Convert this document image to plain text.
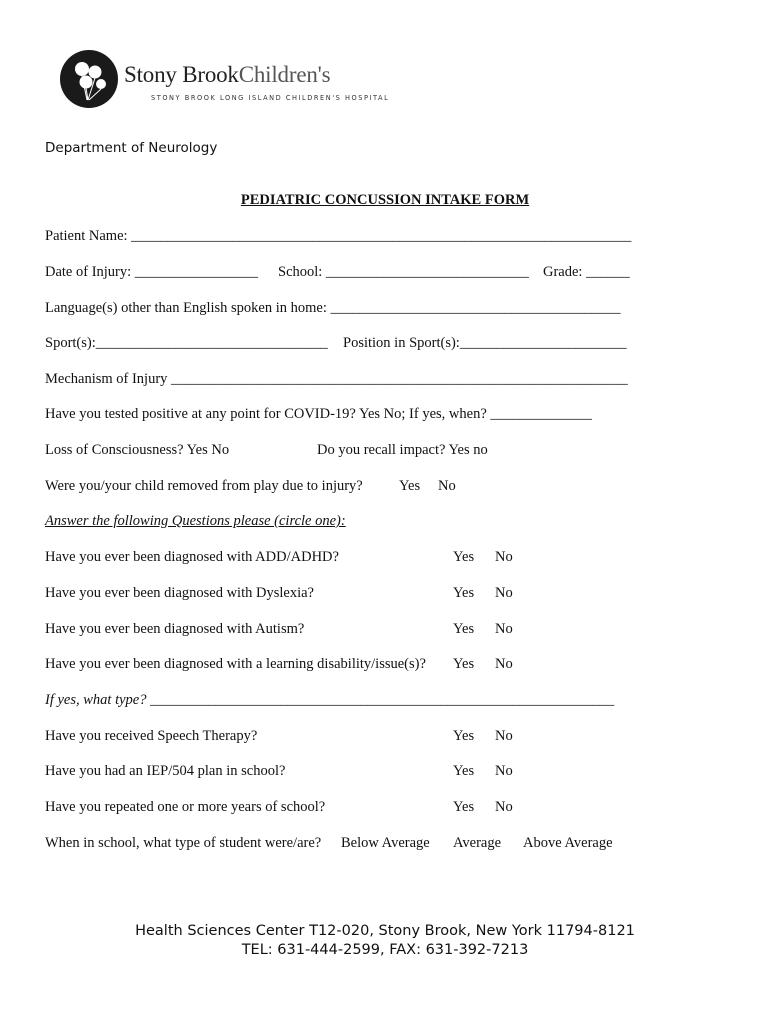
Stony BrookChildren's
STONY BROOK LONG ISLAND CHILDREN'S HOSPITAL
Department of Neurology
PEDIATRIC CONCUSSION INTAKE FORM
Patient Name: _____________________________________________________________________
Date of Injury: _________________ School: ____________________________ Grade: ______
Language(s) other than English spoken in home: ________________________________________
Sport(s):________________________________ Position in Sport(s):_______________________
Mechanism of Injury _______________________________________________________________
Have you tested positive at any point for COVID-19? Yes No; If yes, when? ______________
Loss of Consciousness? Yes No	Do you recall impact? Yes no
Were you/your child removed from play due to injury?	Yes No
Answer the following Questions please (circle one):
Have you ever been diagnosed with ADD/ADHD?	Yes No
Have you ever been diagnosed with Dyslexia?	Yes No
Have you ever been diagnosed with Autism?	Yes No
Have you ever been diagnosed with a learning disability/issue(s)? Yes No
If yes, what type? ________________________________________________________________
Have you received Speech Therapy?	Yes No
Have you had an IEP/504 plan in school?	Yes No
Have you repeated one or more years of school?	Yes No
When in school, what type of student were/are? Below Average Average Above Average
Health Sciences Center T12-020, Stony Brook, New York 11794-8121
TEL: 631-444-2599, FAX: 631-392-7213
